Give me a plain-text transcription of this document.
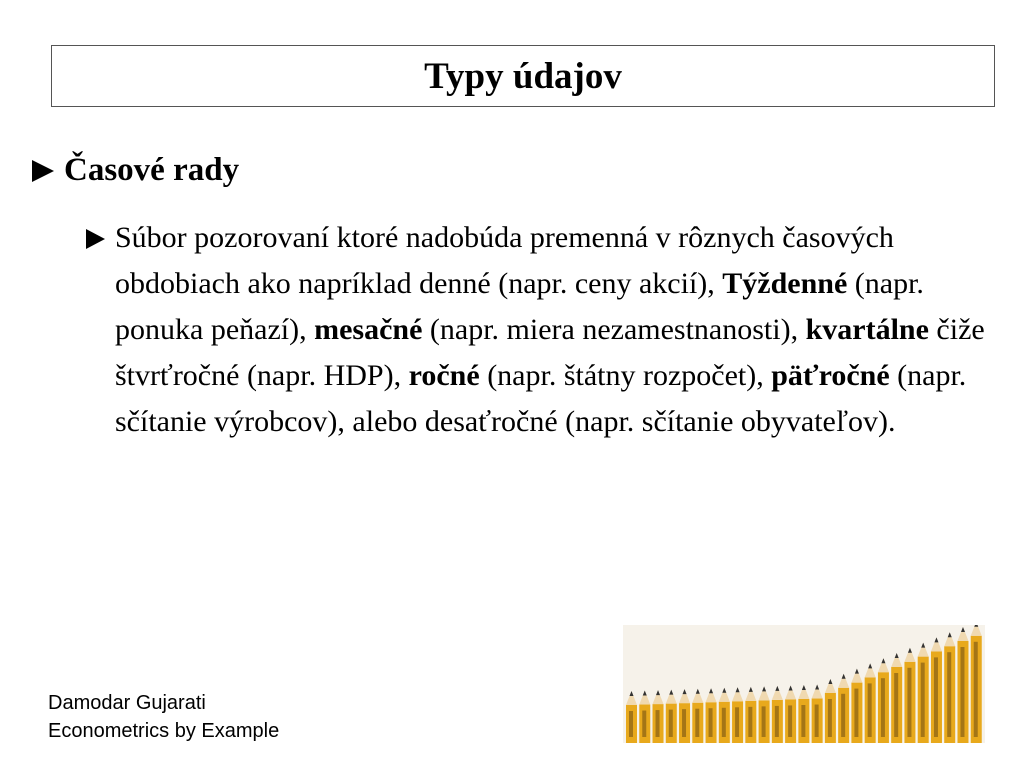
Typy údajov
Časové rady
Súbor pozorovaní ktoré nadobúda premenná v rôznych časových obdobiach ako napríklad denné (napr. ceny akcií), Týždenné (napr. ponuka peňazí), mesačné (napr. miera nezamestnanosti), kvartálne čiže štvrťročné (napr. HDP), ročné (napr. štátny rozpočet), päťročné (napr. sčítanie výrobcov), alebo desaťročné (napr. sčítanie obyvateľov).
Damodar Gujarati
Econometrics by Example
